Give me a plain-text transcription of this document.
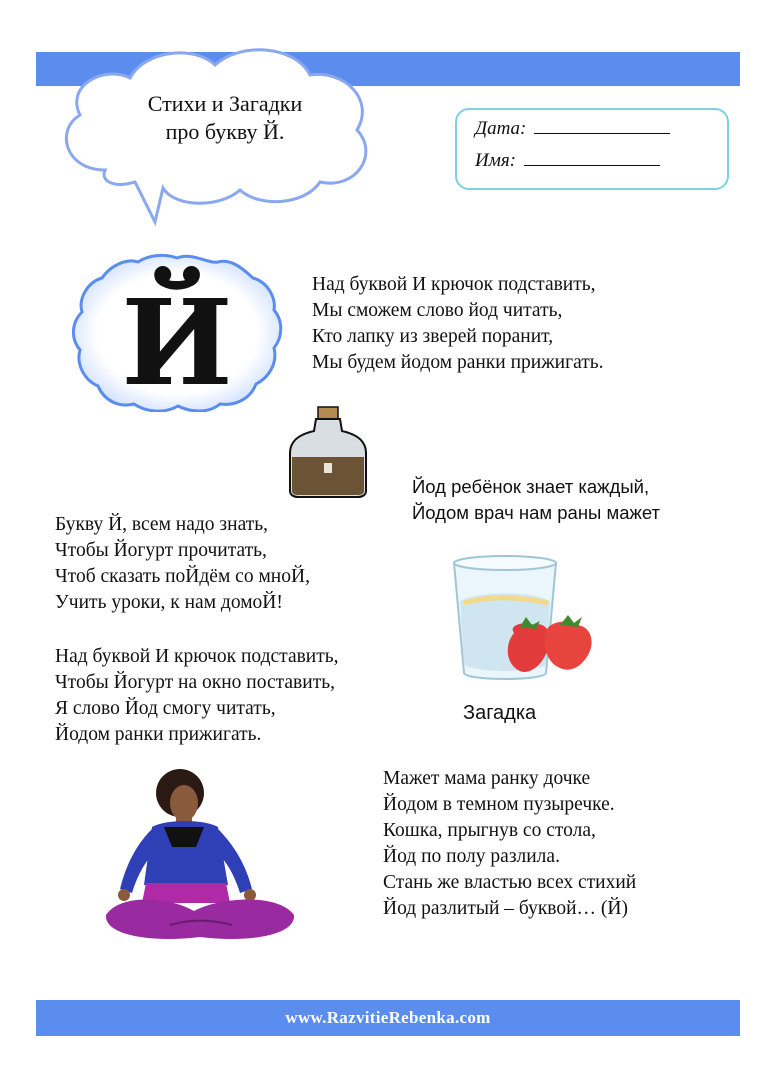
Стихи и Загадки
про букву Й.	Дата:
Имя:
Й	Над буквой И крючок подставить,
Мы сможем слово йод читать,
Кто лапку из зверей поранит,
Мы будем йодом ранки прижигать.
Йод ребёнок знает каждый,
Йодом врач нам раны мажет
Букву Й, всем надо знать,
Чтобы Йогурт прочитать,
Чтоб сказать поЙдём со мноЙ,
Учить уроки, к нам домоЙ!
Над буквой И крючок подставить,
Чтобы Йогурт на окно поставить,
Я слово Йод смогу читать,
Йодом ранки прижигать.
Загадка
Мажет мама ранку дочке
Йодом в темном пузыречке.
Кошка, прыгнув со стола,
Йод по полу разлила.
Стань же властью всех стихий
Йод разлитый – буквой… (Й)
www.RazvitieRebenka.com
